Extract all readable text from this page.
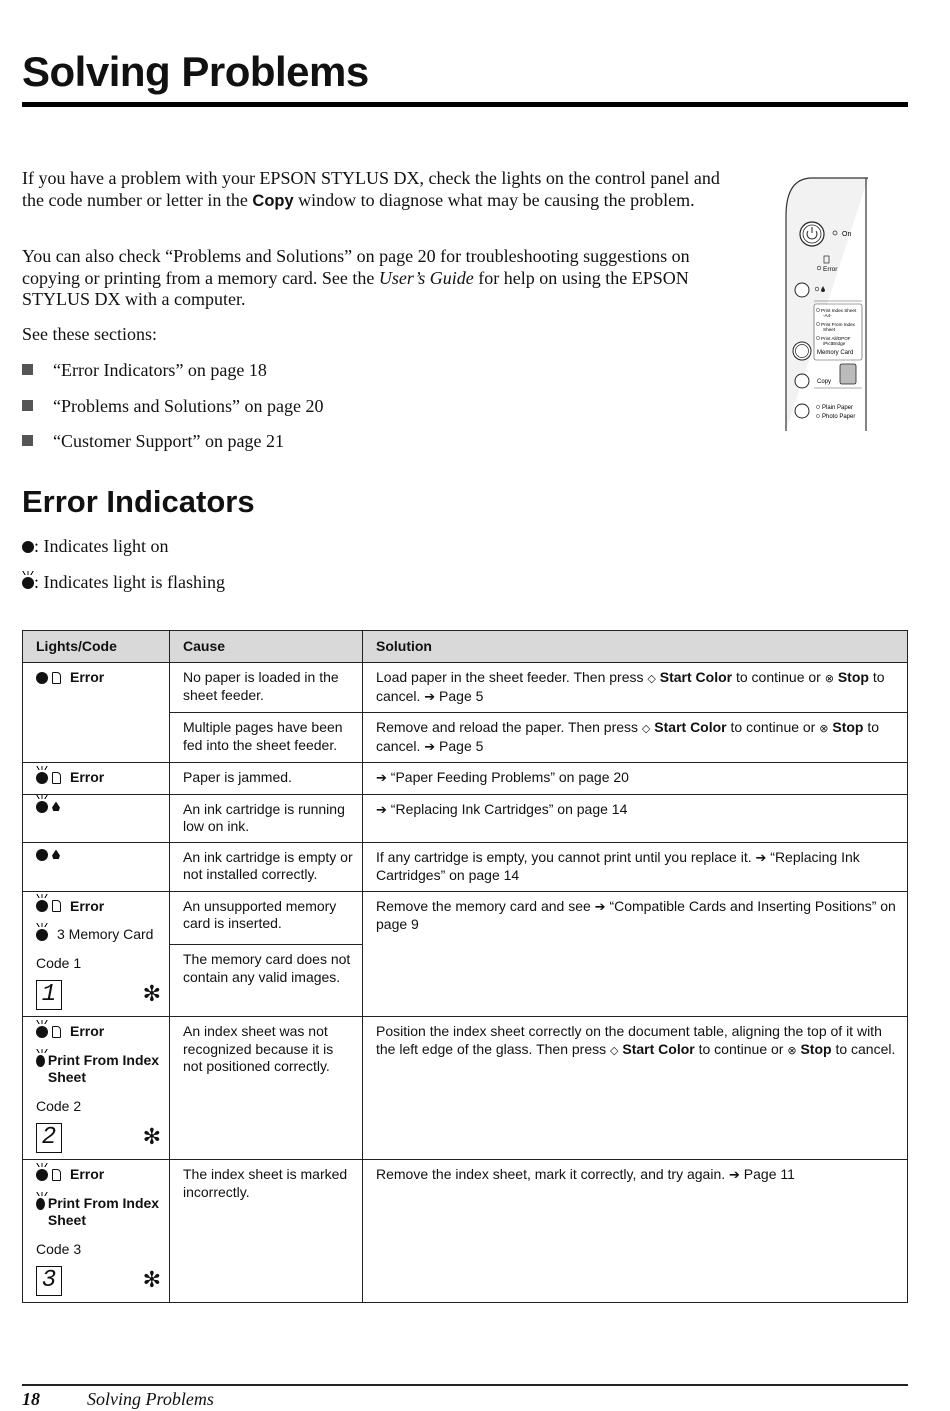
Solving Problems

If you have a problem with your EPSON STYLUS DX, check the lights on the control panel and the code number or letter in the Copy window to diagnose what may be causing the problem.

You can also check “Problems and Solutions” on page 20 for troubleshooting suggestions on copying or printing from a memory card. See the User’s Guide for help on using the EPSON STYLUS DX with a computer.

See these sections:

“Error Indicators” on page 18
“Problems and Solutions” on page 20
“Customer Support” on page 21
On
Error
Print Index Sheet
-A4-
Print From Index
Sheet
Print All/DPOF
/PictBridge
Memory Card
Copy
Plain Paper
Photo Paper
Error Indicators
: Indicates light on
: Indicates light is flashing
Lights/Code	Cause	Solution

Error	No paper is loaded in the sheet feeder.	Load paper in the sheet feeder. Then press ◇ Start Color to continue or ⊗ Stop to cancel. ➔ Page 5
	Multiple pages have been fed into the sheet feeder.	Remove and reload the paper. Then press ◇ Start Color to continue or ⊗ Stop to cancel. ➔ Page 5

Error	Paper is jammed.	➔ “Paper Feeding Problems” on page 20

	An ink cartridge is running low on ink.	➔ “Replacing Ink Cartridges” on page 14

	An ink cartridge is empty or not installed correctly.	If any cartridge is empty, you cannot print until you replace it. ➔ “Replacing Ink Cartridges” on page 14

Error
3 Memory Card
Code 1
1 ✻	An unsupported memory card is inserted.	Remove the memory card and see ➔ “Compatible Cards and Inserting Positions” on page 9
	The memory card does not contain any valid images.	

Error
Print From Index Sheet
Code 2
2 ✻	An index sheet was not recognized because it is not positioned correctly.	Position the index sheet correctly on the document table, aligning the top of it with the left edge of the glass. Then press ◇ Start Color to continue or ⊗ Stop to cancel.

Error
Print From Index Sheet
Code 3
3 ✻	The index sheet is marked incorrectly.	Remove the index sheet, mark it correctly, and try again. ➔ Page 11
18	Solving Problems
